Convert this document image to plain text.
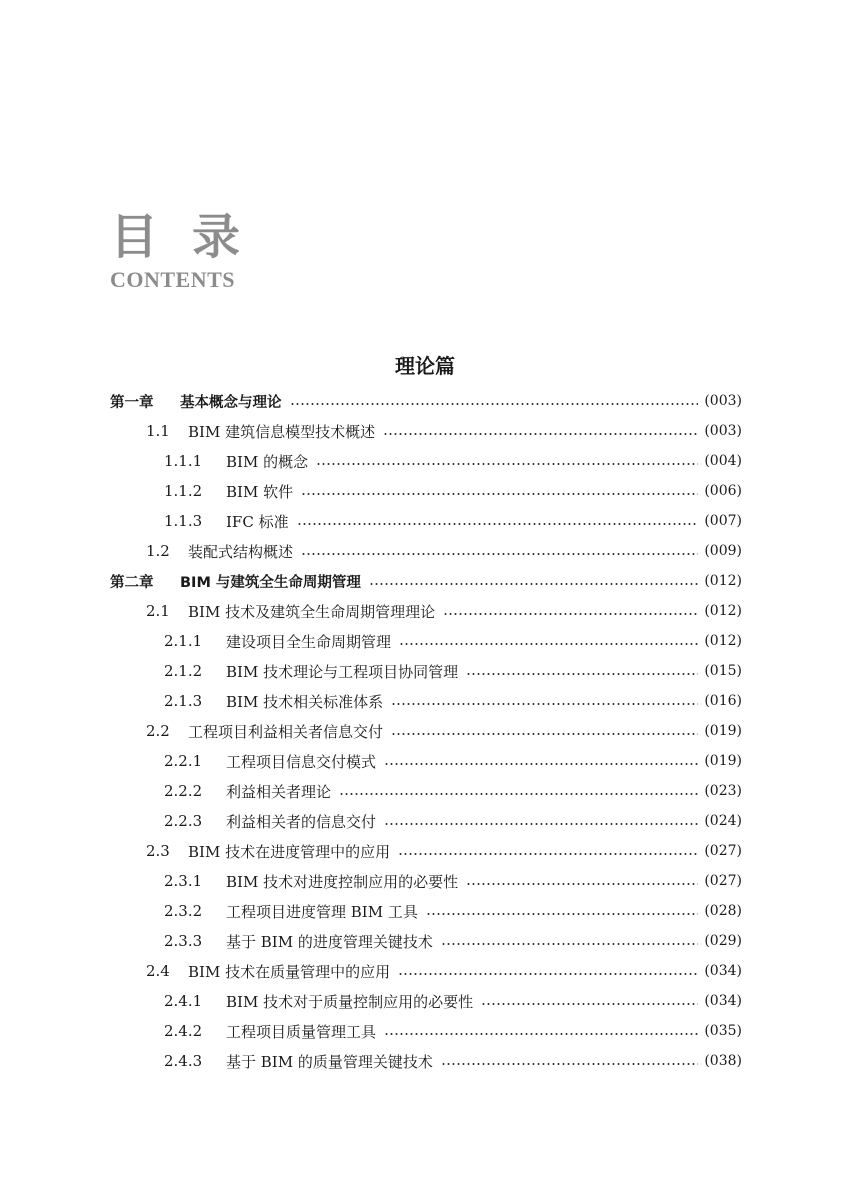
目录
CONTENTS
理论篇
第一章	基本概念与理论	(003)
1.1	BIM 建筑信息模型技术概述	(003)
1.1.1	BIM 的概念	(004)
1.1.2	BIM 软件	(006)
1.1.3	IFC 标准	(007)
1.2	装配式结构概述	(009)
第二章	BIM 与建筑全生命周期管理	(012)
2.1	BIM 技术及建筑全生命周期管理理论	(012)
2.1.1	建设项目全生命周期管理	(012)
2.1.2	BIM 技术理论与工程项目协同管理	(015)
2.1.3	BIM 技术相关标准体系	(016)
2.2	工程项目利益相关者信息交付	(019)
2.2.1	工程项目信息交付模式	(019)
2.2.2	利益相关者理论	(023)
2.2.3	利益相关者的信息交付	(024)
2.3	BIM 技术在进度管理中的应用	(027)
2.3.1	BIM 技术对进度控制应用的必要性	(027)
2.3.2	工程项目进度管理 BIM 工具	(028)
2.3.3	基于 BIM 的进度管理关键技术	(029)
2.4	BIM 技术在质量管理中的应用	(034)
2.4.1	BIM 技术对于质量控制应用的必要性	(034)
2.4.2	工程项目质量管理工具	(035)
2.4.3	基于 BIM 的质量管理关键技术	(038)
